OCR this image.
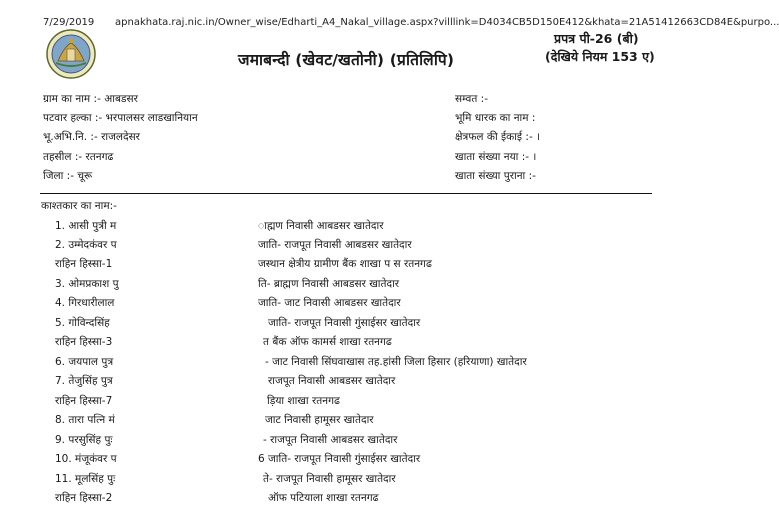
7/29/2019 apnakhata.raj.nic.in/Owner_wise/Edharti_A4_Nakal_village.aspx?villlink=D4034CB5D150E412&khata=21A51412663CD84E&purpo...
प्रपत्र पी-26 (बी)
जमाबन्दी (खेवट/खतोनी) (प्रतिलिपि)	(देखिये नियम 153 ए)
ग्राम का नाम :- आबडसर
पटवार हल्का :- भरपालसर लाडखानियान
भू.अभि.नि. :- राजलदेसर
तहसील :- रतनगढ
जिला :- चूरू
सम्वत :-
भूमि धारक का नाम :
क्षेत्रफल की ईकाई :- ।
खाता संख्या नया :- ।
खाता संख्या पुराना :-
काश्तकार का नाम:-
1. आसी पुत्री म	ाह्मण निवासी आबडसर खातेदार
2. उम्मेदकंवर प	जाति- राजपूत निवासी आबडसर खातेदार
राहिन हिस्सा-1	जस्थान क्षेत्रीय ग्रामीण बैंक शाखा प स रतनगढ
3. ओमप्रकाश पु	ति- ब्राह्मण निवासी आबडसर खातेदार
4. गिरधारीलाल	जाति- जाट निवासी आबडसर खातेदार
5. गोविन्दसिंह	जाति- राजपूत निवासी गुंसाईसर खातेदार
राहिन हिस्सा-3	त बैंक ऑफ कामर्स शाखा रतनगढ
6. जयपाल पुत्र	- जाट निवासी सिंघवाखास तह.हांसी जिला हिसार (हरियाणा) खातेदार
7. तेजुसिंह पुत्र	राजपूत निवासी आबडसर खातेदार
राहिन हिस्सा-7	ड़िया शाखा रतनगढ
8. तारा पत्नि मं	जाट निवासी हामूसर खातेदार
9. परसुसिंह पुः	- राजपूत निवासी आबडसर खातेदार
10. मंजूकंवर प	6 जाति- राजपूत निवासी गुंसाईसर खातेदार
11. मूलसिंह पुः	ते- राजपूत निवासी हामूसर खातेदार
राहिन हिस्सा-2	ऑफ पटियाला शाखा रतनगढ
